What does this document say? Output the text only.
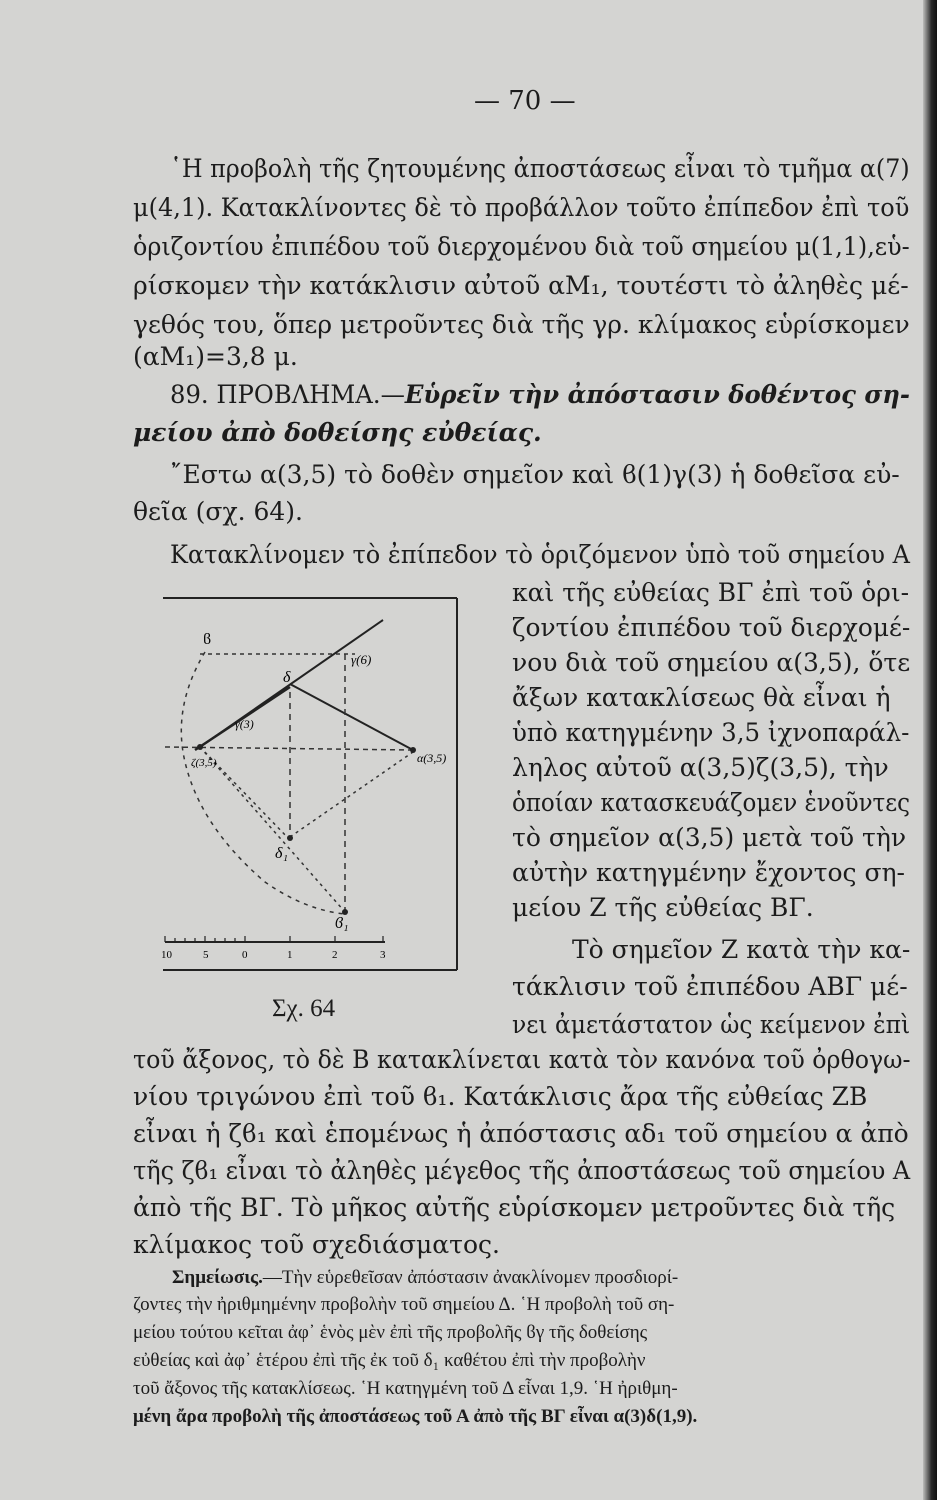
— 70 —
῾Η προβολὴ τῆς ζητουμένης ἀποστάσεως εἶναι τὸ τμῆμα α(7)
μ(4,1). Κατακλίνοντες δὲ τὸ προβάλλον τοῦτο ἐπίπεδον ἐπὶ τοῦ
ὁριζοντίου ἐπιπέδου τοῦ διερχομένου διὰ τοῦ σημείου μ(1,1),εὑ-
ρίσκομεν τὴν κατάκλισιν αὐτοῦ αΜ₁, τουτέστι τὸ ἀληθὲς μέ-
γεθός του, ὅπερ μετροῦντες διὰ τῆς γρ. κλίμακος εὑρίσκομεν
(αΜ₁)=3,8 μ.
89. ΠΡΟΒΛΗΜΑ.—Εὑρεῖν τὴν ἀπόστασιν δοθέντος ση-
μείου ἀπὸ δοθείσης εὐθείας.
῎Εστω α(3,5) τὸ δοθὲν σημεῖον καὶ ϐ(1)γ(3) ἡ δοθεῖσα εὐ-
θεῖα (σχ. 64).
Κατακλίνομεν τὸ ἐπίπεδον τὸ ὁριζόμενον ὑπὸ τοῦ σημείου Α
καὶ τῆς εὐθείας ΒΓ ἐπὶ τοῦ ὁρι-
ζοντίου ἐπιπέδου τοῦ διερχομέ-
νου διὰ τοῦ σημείου α(3,5), ὅτε
ἄξων κατακλίσεως θὰ εἶναι ἡ
ὑπὸ κατηγμένην 3,5 ἰχνοπαράλ-
ληλος αὐτοῦ α(3,5)ζ(3,5), τὴν
ὁποίαν κατασκευάζομεν ἑνοῦντες
τὸ σημεῖον α(3,5) μετὰ τοῦ τὴν
αὐτὴν κατηγμένην ἔχοντος ση-
μείου Ζ τῆς εὐθείας ΒΓ.
Τὸ σημεῖον Ζ κατὰ τὴν κα-
τάκλισιν τοῦ ἐπιπέδου ΑΒΓ μέ-
νει ἀμετάστατον ὡς κείμενον ἐπὶ
ϐ
γ(6)
δ
γ(3)
ζ(3,5)	α(3,5)
δ₁
ϐ₁
10	5	0	1	2	3
Σχ. 64
τοῦ ἄξονος, τὸ δὲ Β κατακλίνεται κατὰ τὸν κανόνα τοῦ ὀρθογω-
νίου τριγώνου ἐπὶ τοῦ ϐ₁. Κατάκλισις ἄρα τῆς εὐθείας ΖΒ
εἶναι ἡ ζϐ₁ καὶ ἑπομένως ἡ ἀπόστασις αδ₁ τοῦ σημείου α ἀπὸ
τῆς ζϐ₁ εἶναι τὸ ἀληθὲς μέγεθος τῆς ἀποστάσεως τοῦ σημείου Α
ἀπὸ τῆς ΒΓ. Τὸ μῆκος αὐτῆς εὑρίσκομεν μετροῦντες διὰ τῆς
κλίμακος τοῦ σχεδιάσματος.
Σημείωσις.—Τὴν εὑρεθεῖσαν ἀπόστασιν ἀνακλίνομεν προσδιορί-
ζοντες τὴν ἠριθμημένην προβολὴν τοῦ σημείου Δ. ῾Η προβολὴ τοῦ ση-
μείου τούτου κεῖται ἀφ᾽ ἑνὸς μὲν ἐπὶ τῆς προβολῆς ϐγ τῆς δοθείσης
εὐθείας καὶ ἀφ᾽ ἑτέρου ἐπὶ τῆς ἐκ τοῦ δ₁ καθέτου ἐπὶ τὴν προβολὴν
τοῦ ἄξονος τῆς κατακλίσεως. ῾Η κατηγμένη τοῦ Δ εἶναι 1,9. ῾Η ἠριθμη-
μένη ἄρα προβολὴ τῆς ἀποστάσεως τοῦ Α ἀπὸ τῆς ΒΓ εἶναι α(3)δ(1,9).
